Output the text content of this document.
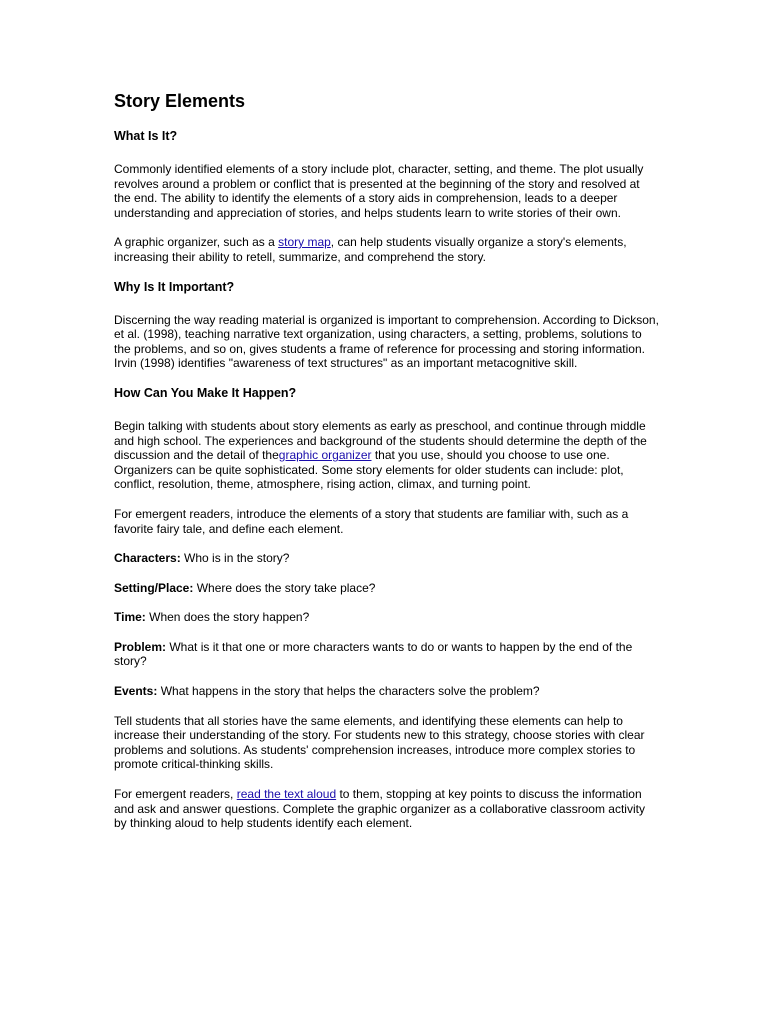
Story Elements
What Is It?

Commonly identified elements of a story include plot, character, setting, and theme. The plot usually revolves around a problem or conflict that is presented at the beginning of the story and resolved at the end. The ability to identify the elements of a story aids in comprehension, leads to a deeper understanding and appreciation of stories, and helps students learn to write stories of their own.

A graphic organizer, such as a story map, can help students visually organize a story's elements, increasing their ability to retell, summarize, and comprehend the story.

Why Is It Important?

Discerning the way reading material is organized is important to comprehension. According to Dickson, et al. (1998), teaching narrative text organization, using characters, a setting, problems, solutions to the problems, and so on, gives students a frame of reference for processing and storing information. Irvin (1998) identifies "awareness of text structures" as an important metacognitive skill.

How Can You Make It Happen?

Begin talking with students about story elements as early as preschool, and continue through middle and high school. The experiences and background of the students should determine the depth of the discussion and the detail of thegraphic organizer that you use, should you choose to use one. Organizers can be quite sophisticated. Some story elements for older students can include: plot, conflict, resolution, theme, atmosphere, rising action, climax, and turning point.

For emergent readers, introduce the elements of a story that students are familiar with, such as a favorite fairy tale, and define each element.

Characters: Who is in the story?

Setting/Place: Where does the story take place?

Time: When does the story happen?

Problem: What is it that one or more characters wants to do or wants to happen by the end of the story?

Events: What happens in the story that helps the characters solve the problem?

Tell students that all stories have the same elements, and identifying these elements can help to increase their understanding of the story. For students new to this strategy, choose stories with clear problems and solutions. As students' comprehension increases, introduce more complex stories to promote critical-thinking skills.

For emergent readers, read the text aloud to them, stopping at key points to discuss the information and ask and answer questions. Complete the graphic organizer as a collaborative classroom activity by thinking aloud to help students identify each element.
